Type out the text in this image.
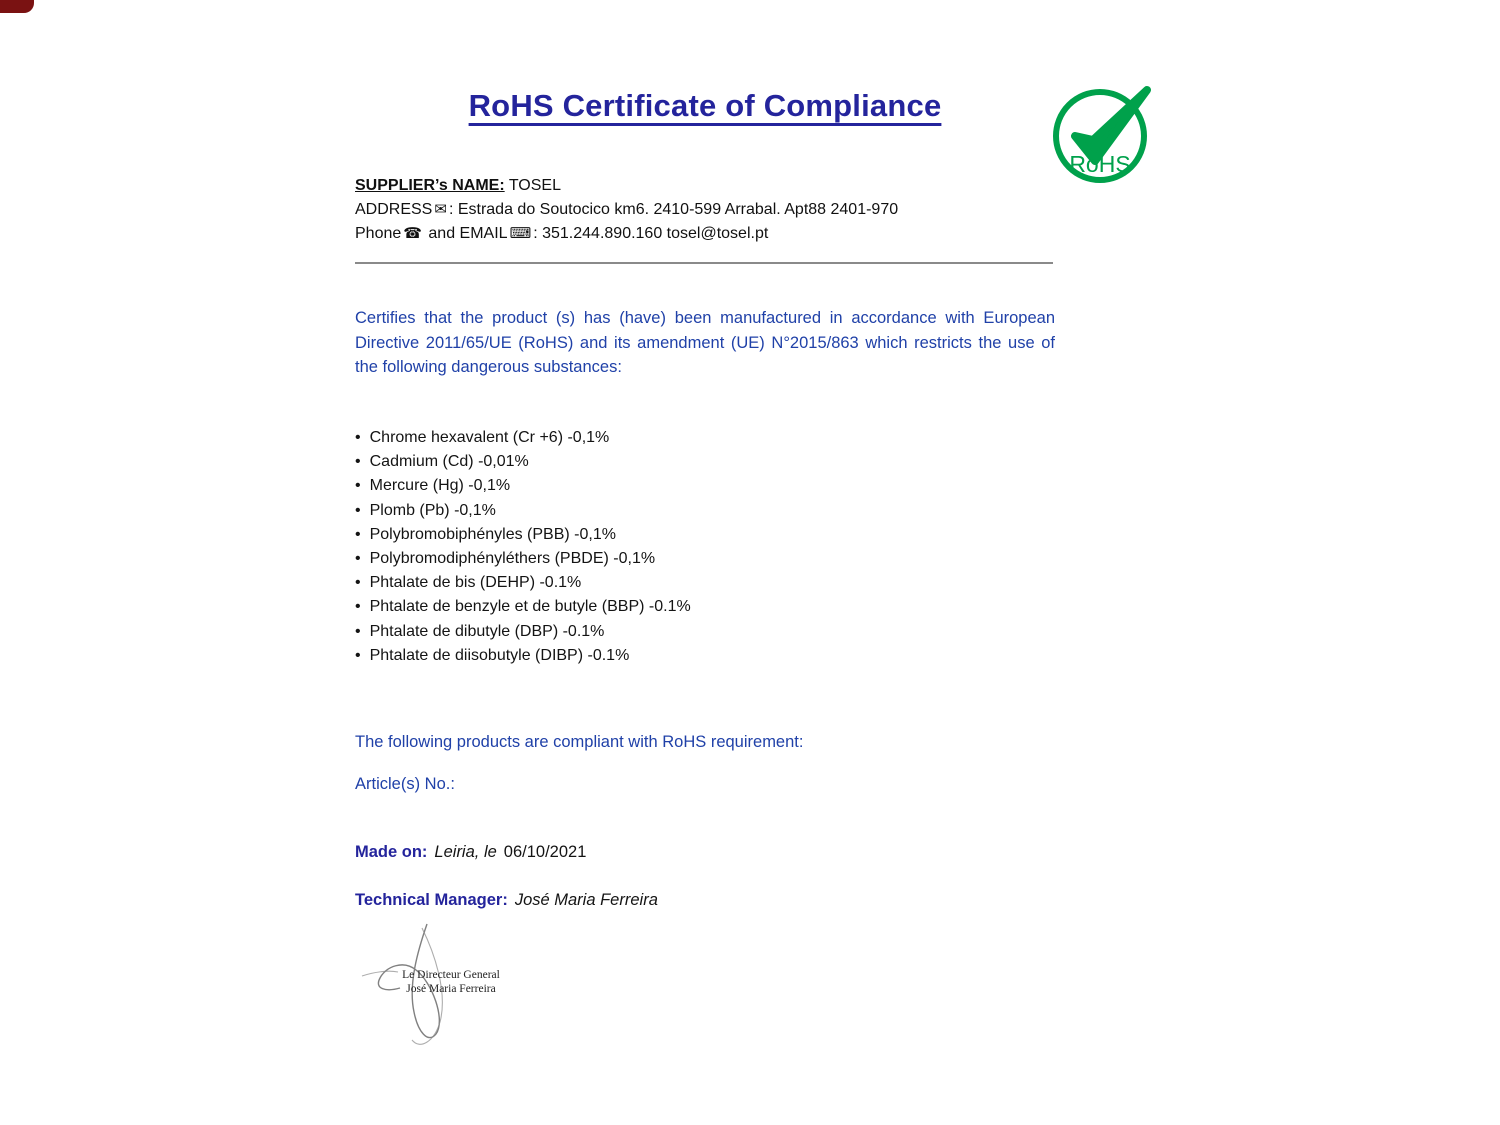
RoHS Certificate of Compliance
RoHS
SUPPLIER’s NAME: TOSEL
ADDRESS ✉ : Estrada do Soutocico km6. 2410-599 Arrabal. Apt88 2401-970
Phone ☎ and EMAIL ⌨ : 351.244.890.160 tosel@tosel.pt
Certifies that the product (s) has (have) been manufactured in accordance with European Directive 2011/65/UE (RoHS) and its amendment (UE) N°2015/863 which restricts the use of the following dangerous substances:
• Chrome hexavalent (Cr +6) -0,1%
• Cadmium (Cd) -0,01%
• Mercure (Hg) -0,1%
• Plomb (Pb) -0,1%
• Polybromobiphényles (PBB) -0,1%
• Polybromodiphényléthers (PBDE) -0,1%
• Phtalate de bis (DEHP) -0.1%
• Phtalate de benzyle et de butyle (BBP) -0.1%
• Phtalate de dibutyle (DBP) -0.1%
• Phtalate de diisobutyle (DIBP) -0.1%
The following products are compliant with RoHS requirement:
Article(s) No.:
Made on: Leiria, le 06/10/2021
Technical Manager: José Maria Ferreira
Le Directeur General
José Maria Ferreira
